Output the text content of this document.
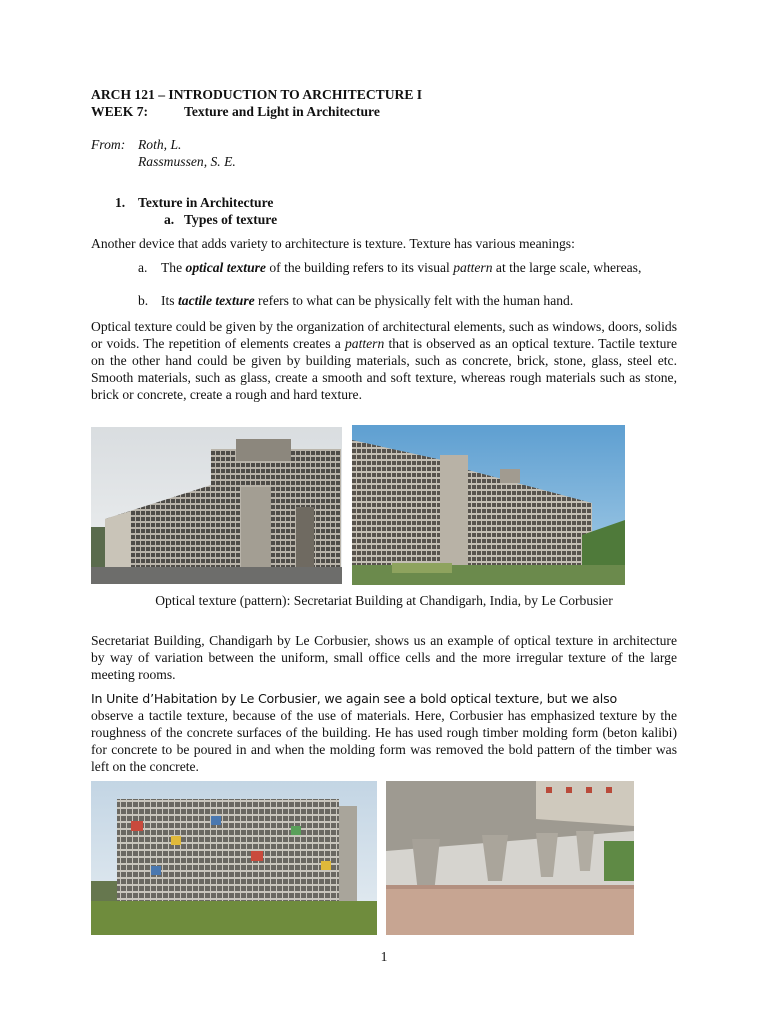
ARCH 121 – INTRODUCTION TO ARCHITECTURE I
WEEK 7:	Texture and Light in Architecture
From: Roth, L.
Rassmussen, S. E.
1. Texture in Architecture
a. Types of texture
Another device that adds variety to architecture is texture. Texture has various meanings:
a. The optical texture of the building refers to its visual pattern at the large scale, whereas,
b. Its tactile texture refers to what can be physically felt with the human hand.
Optical texture could be given by the organization of architectural elements, such as windows, doors, solids or voids. The repetition of elements creates a pattern that is observed as an optical texture. Tactile texture on the other hand could be given by building materials, such as concrete, brick, stone, glass, steel etc. Smooth materials, such as glass, create a smooth and soft texture, whereas rough materials such as stone, brick or concrete, create a rough and hard texture.
Optical texture (pattern): Secretariat Building at Chandigarh, India, by Le Corbusier
Secretariat Building, Chandigarh by Le Corbusier, shows us an example of optical texture in architecture by way of variation between the uniform, small office cells and the more irregular texture of the large meeting rooms.
In Unite d’Habitation by Le Corbusier, we again see a bold optical texture, but we also
observe a tactile texture, because of the use of materials. Here, Corbusier has emphasized texture by the roughness of the concrete surfaces of the building. He has used rough timber molding form (beton kalibi) for concrete to be poured in and when the molding form was removed the bold pattern of the timber was left on the concrete.
1
